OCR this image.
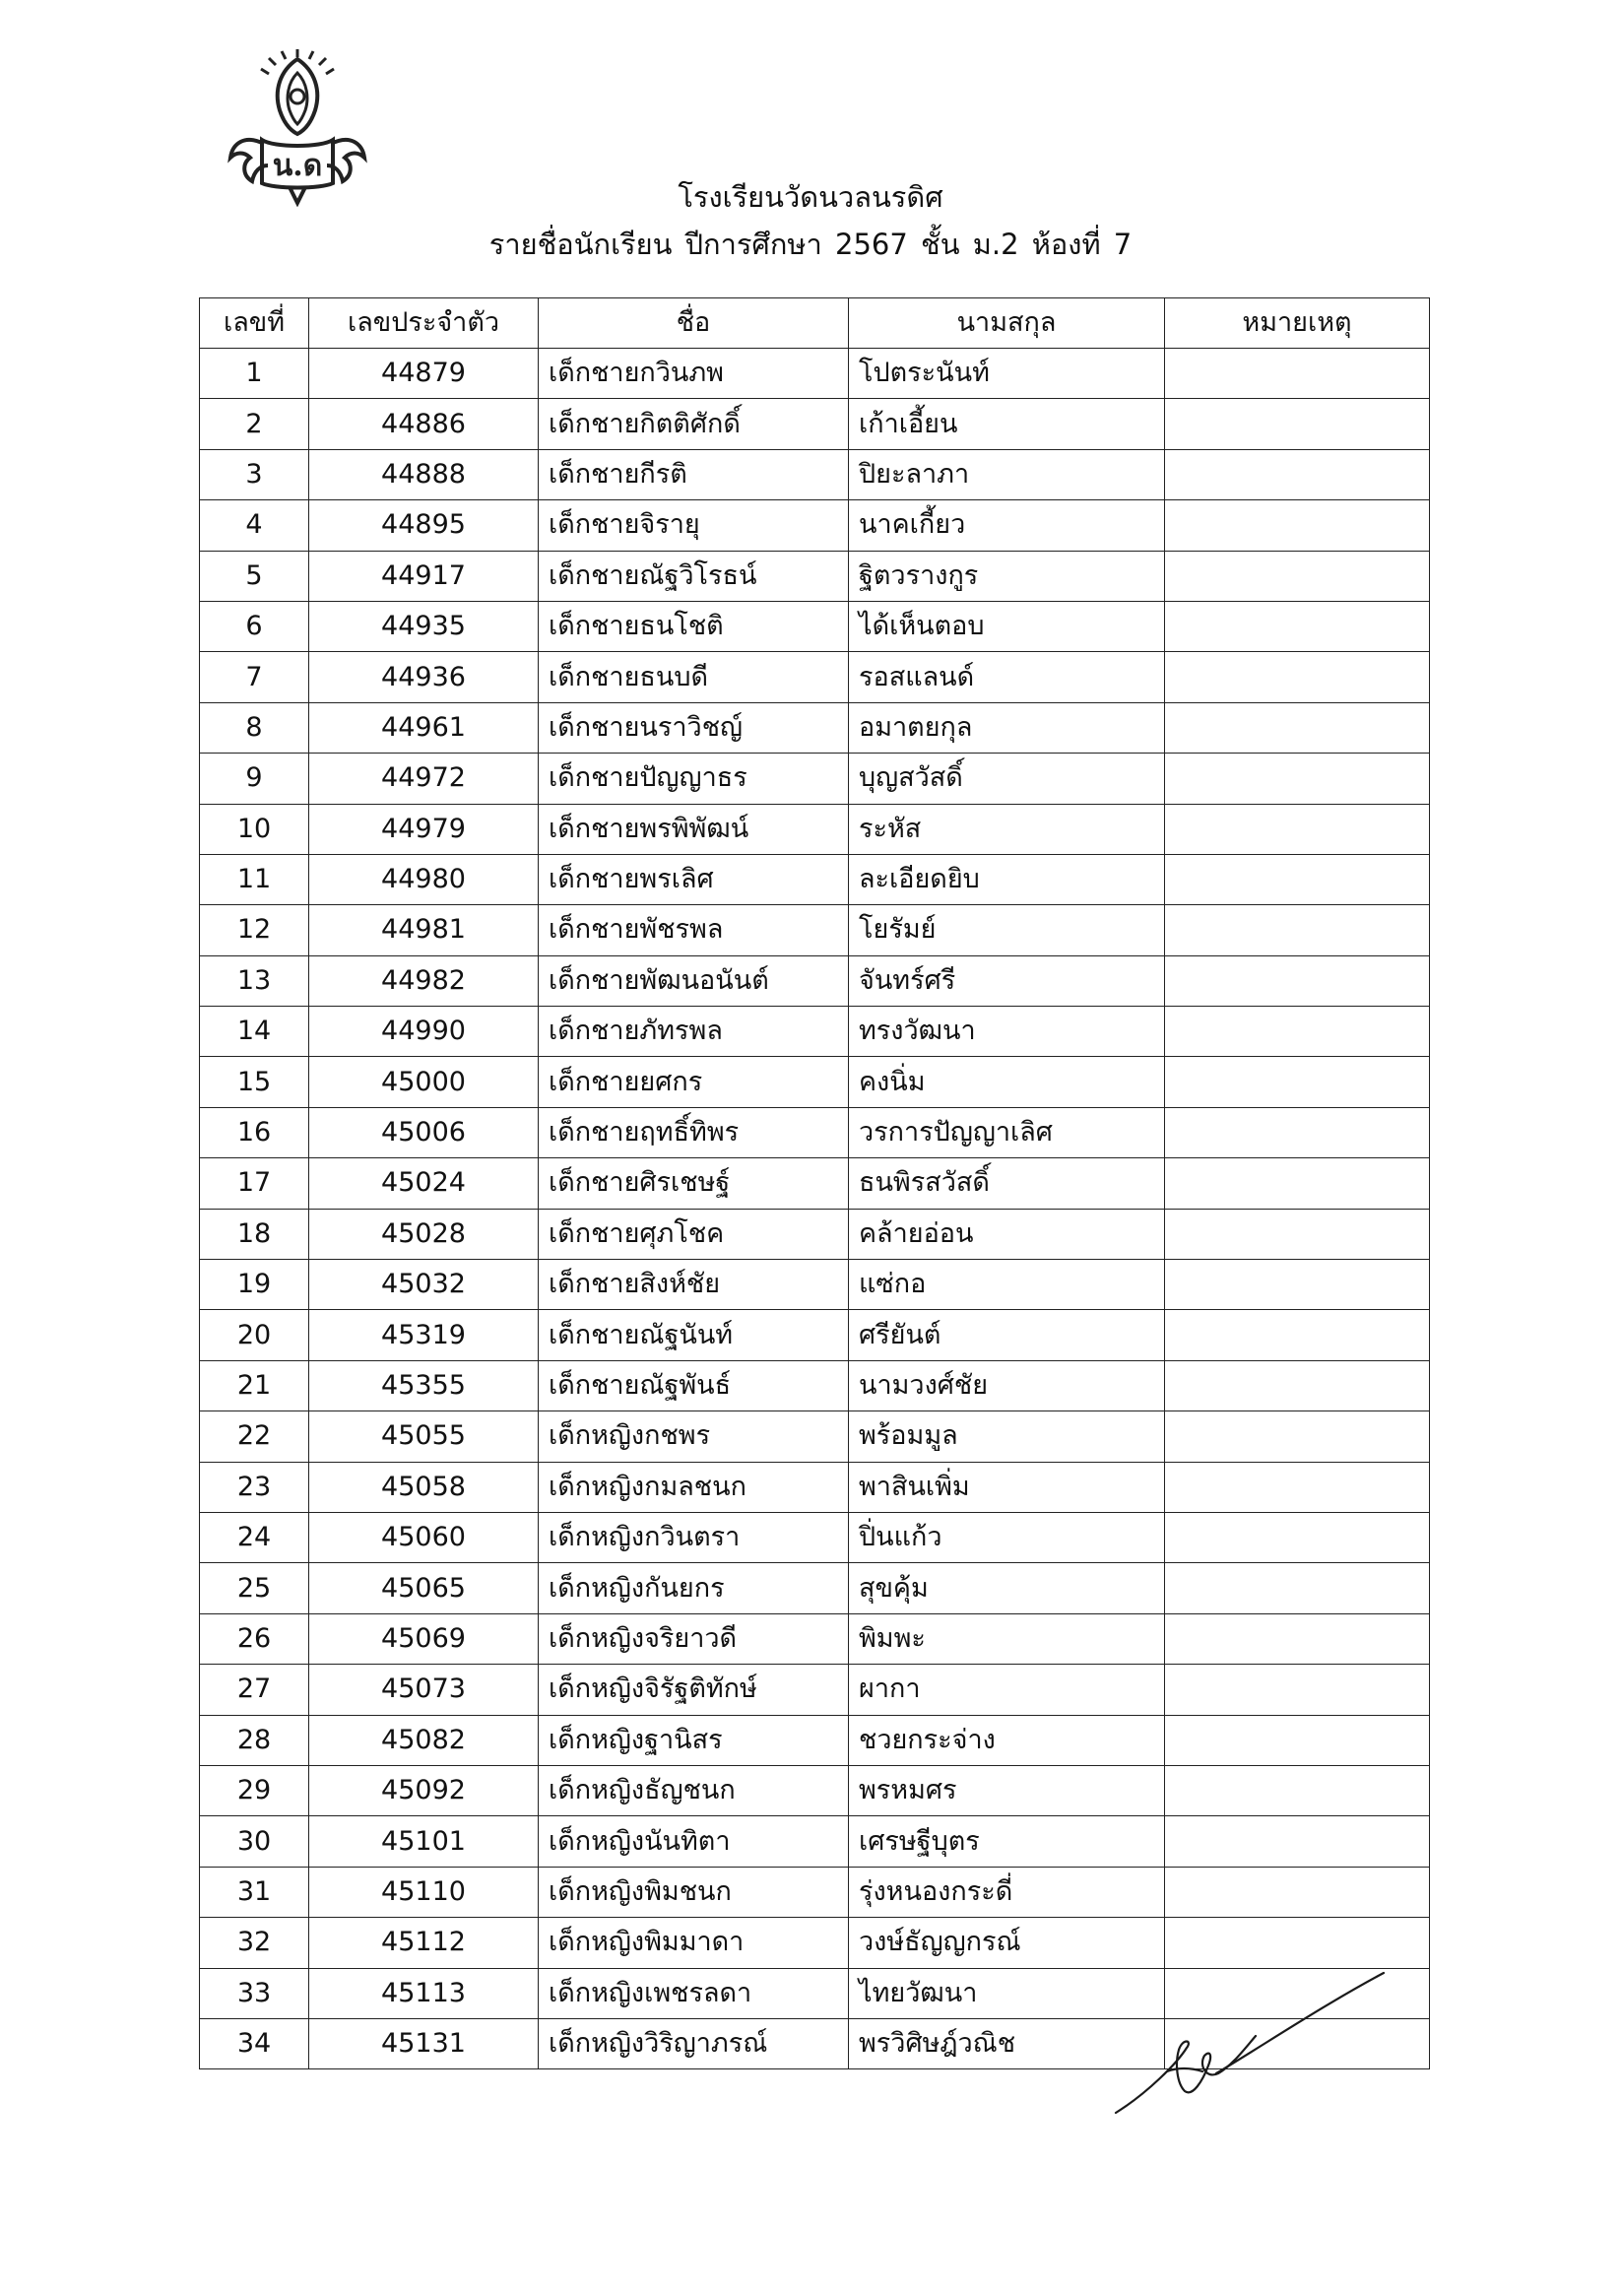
น.ด
โรงเรียนวัดนวลนรดิศ
รายชื่อนักเรียน ปีการศึกษา 2567 ชั้น ม.2 ห้องที่ 7
เลขที่	เลขประจำตัว	ชื่อ	นามสกุล	หมายเหตุ
1	44879	เด็กชายกวินภพ	โปตระนันท์	
2	44886	เด็กชายกิตติศักดิ์	เก้าเอี้ยน	
3	44888	เด็กชายกีรติ	ปิยะลาภา	
4	44895	เด็กชายจิรายุ	นาคเกี้ยว	
5	44917	เด็กชายณัฐวิโรธน์	ฐิตวรางกูร	
6	44935	เด็กชายธนโชติ	ได้เห็นตอบ	
7	44936	เด็กชายธนบดี	รอสแลนด์	
8	44961	เด็กชายนราวิชญ์	อมาตยกุล	
9	44972	เด็กชายปัญญาธร	บุญสวัสดิ์	
10	44979	เด็กชายพรพิพัฒน์	ระหัส	
11	44980	เด็กชายพรเลิศ	ละเอียดยิบ	
12	44981	เด็กชายพัชรพล	โยรัมย์	
13	44982	เด็กชายพัฒนอนันต์	จันทร์ศรี	
14	44990	เด็กชายภัทรพล	ทรงวัฒนา	
15	45000	เด็กชายยศกร	คงนิ่ม	
16	45006	เด็กชายฤทธิ์ทิพร	วรการปัญญาเลิศ	
17	45024	เด็กชายศิรเชษฐ์	ธนพิรสวัสดิ์	
18	45028	เด็กชายศุภโชค	คล้ายอ่อน	
19	45032	เด็กชายสิงห์ชัย	แซ่กอ	
20	45319	เด็กชายณัฐนันท์	ศรียันต์	
21	45355	เด็กชายณัฐพันธ์	นามวงศ์ชัย	
22	45055	เด็กหญิงกชพร	พร้อมมูล	
23	45058	เด็กหญิงกมลชนก	พาสินเพิ่ม	
24	45060	เด็กหญิงกวินตรา	ปิ่นแก้ว	
25	45065	เด็กหญิงกันยกร	สุขคุ้ม	
26	45069	เด็กหญิงจริยาวดี	พิมพะ	
27	45073	เด็กหญิงจิรัฐติทักษ์	ผากา	
28	45082	เด็กหญิงฐานิสร	ชวยกระจ่าง	
29	45092	เด็กหญิงธัญชนก	พรหมศร	
30	45101	เด็กหญิงนันทิตา	เศรษฐีบุตร	
31	45110	เด็กหญิงพิมชนก	รุ่งหนองกระดี่	
32	45112	เด็กหญิงพิมมาดา	วงษ์ธัญญกรณ์	
33	45113	เด็กหญิงเพชรลดา	ไทยวัฒนา	
34	45131	เด็กหญิงวิริญาภรณ์	พรวิศิษฎ์วณิช	
